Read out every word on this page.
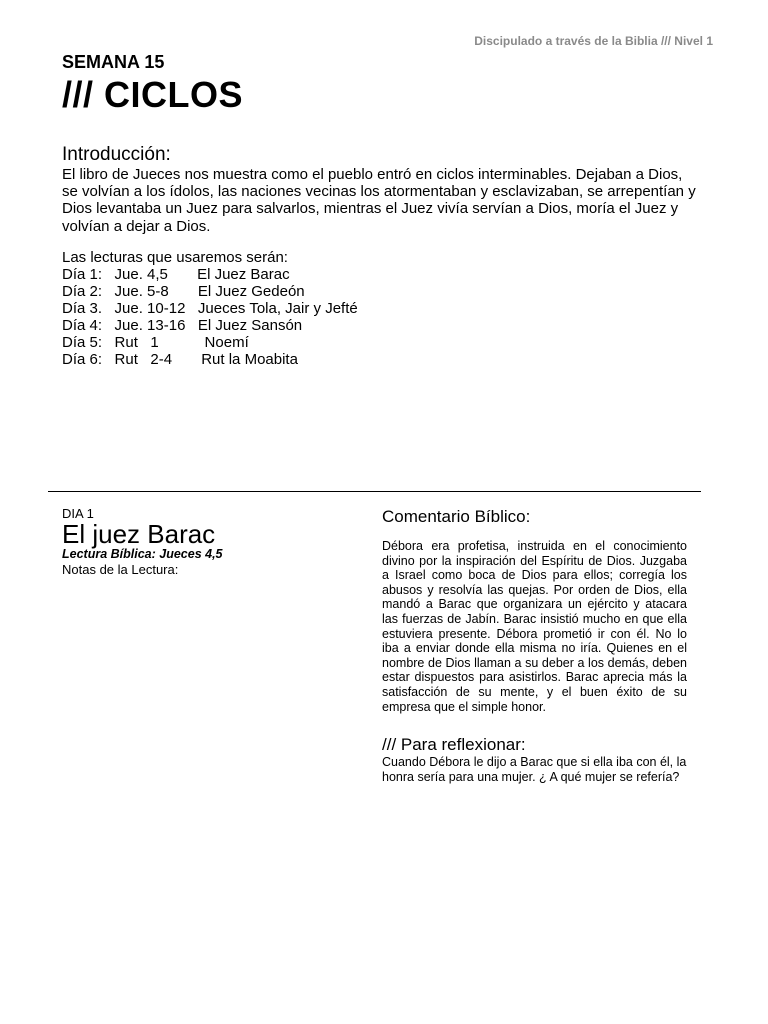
Discipulado a través de la Biblia /// Nivel 1
SEMANA 15
/// CICLOS
Introducción:

El libro de Jueces nos muestra como el pueblo entró en ciclos interminables. Dejaban a Dios, se volvían a los ídolos, las naciones vecinas los atormentaban y esclavizaban, se arrepentían y Dios levantaba un Juez para salvarlos, mientras el Juez vivía servían a Dios, moría el Juez y volvían a dejar a Dios.

Las lecturas que usaremos serán:
Día 1:   Jue. 4,5       El Juez Barac
Día 2:   Jue. 5-8       El Juez Gedeón
Día 3.   Jue. 10-12   Jueces Tola, Jair y Jefté
Día 4:   Jue. 13-16   El Juez Sansón
Día 5:   Rut   1           Noemí
Día 6:   Rut   2-4       Rut la Moabita
DIA 1
El juez Barac
Lectura Bíblica: Jueces 4,5
Notas de la Lectura:
Comentario Bíblico:

Débora era profetisa, instruida en el conocimiento divino por la inspiración del Espíritu de Dios. Juzgaba a Israel como boca de Dios para ellos; corregía los abusos y resolvía las quejas. Por orden de Dios, ella mandó a Barac que organizara un ejército y atacara las fuerzas de Jabín. Barac insistió mucho en que ella estuviera presente. Débora prometió ir con él. No lo iba a enviar donde ella misma no iría. Quienes en el nombre de Dios llaman a su deber a los demás, deben estar dispuestos para asistirlos. Barac aprecia más la satisfacción de su mente, y el buen éxito de su empresa que el simple honor.

/// Para reflexionar:

Cuando Débora le dijo a Barac que si ella iba con él, la honra sería para una mujer. ¿ A qué mujer se refería?
